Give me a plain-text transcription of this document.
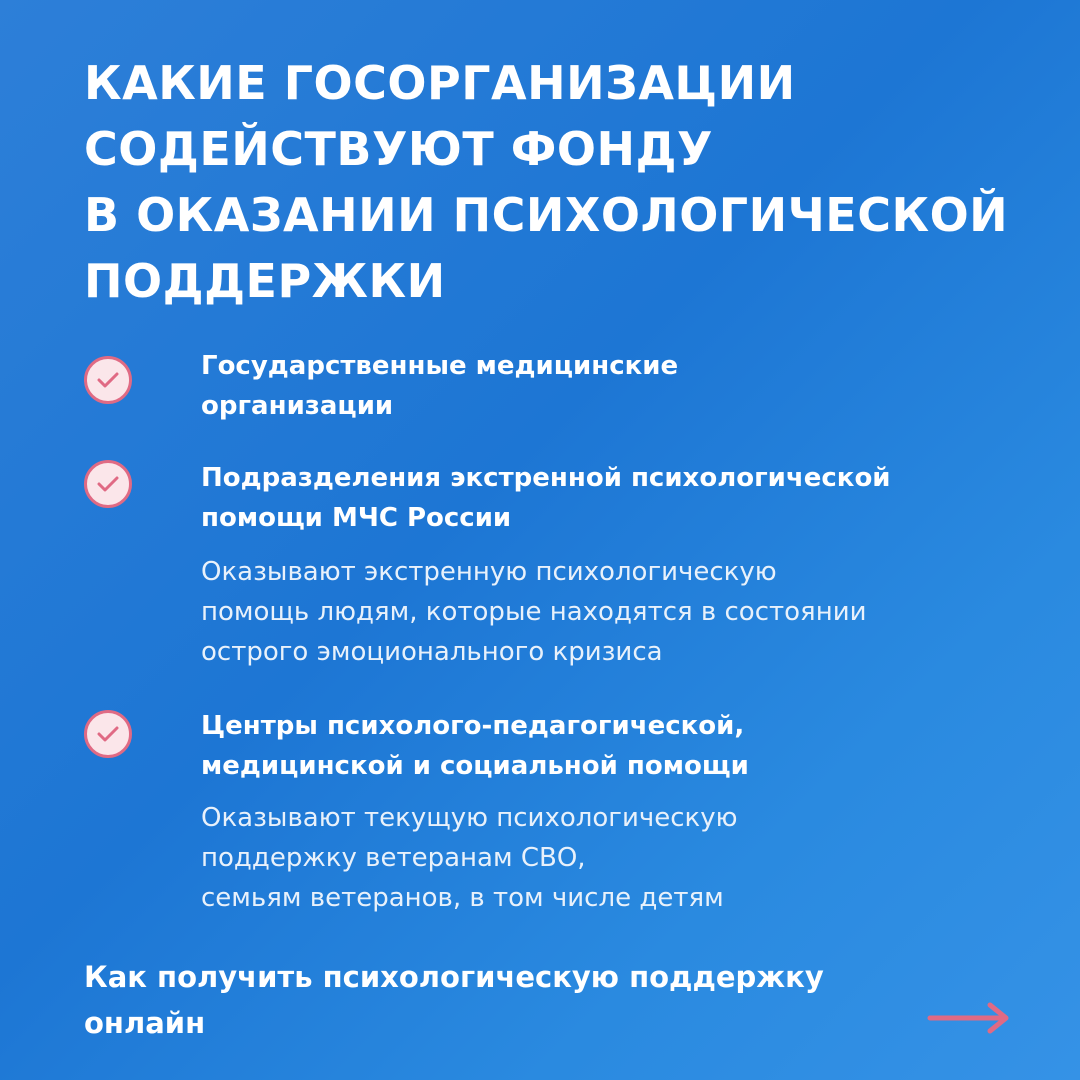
КАКИЕ ГОСОРГАНИЗАЦИИ
СОДЕЙСТВУЮТ ФОНДУ
В ОКАЗАНИИ ПСИХОЛОГИЧЕСКОЙ
ПОДДЕРЖКИ
Государственные медицинские
организации
Подразделения экстренной психологической
помощи МЧС России
Оказывают экстренную психологическую
помощь людям, которые находятся в состоянии
острого эмоционального кризиса
Центры психолого-педагогической,
медицинской и социальной помощи
Оказывают текущую психологическую
поддержку ветеранам СВО,
семьям ветеранов, в том числе детям
Как получить психологическую поддержку
онлайн
